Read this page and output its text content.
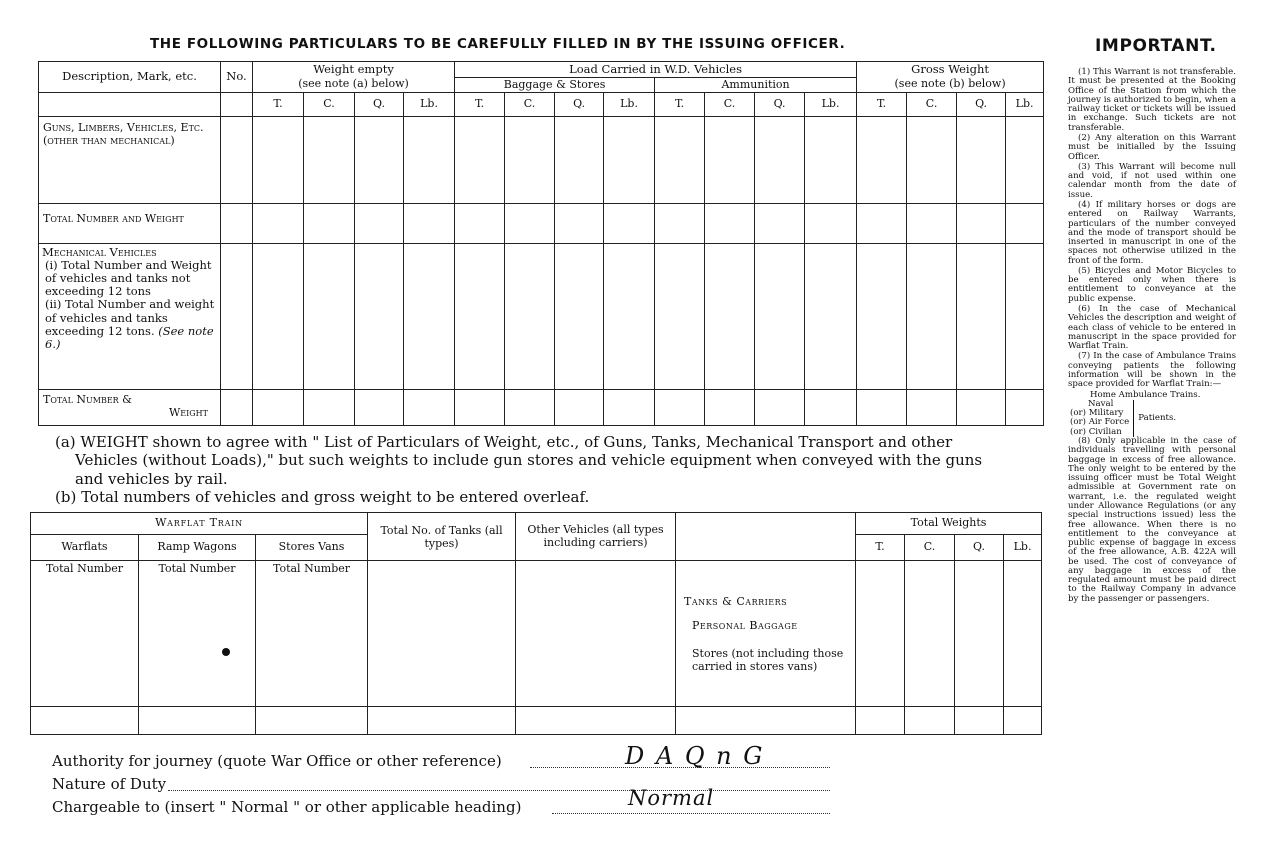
THE FOLLOWING PARTICULARS TO BE CAREFULLY FILLED IN BY THE ISSUING OFFICER.	IMPORTANT.
Description, Mark, etc.	No.	Weight empty				Load Carried in W.D. Vehicles								Gross Weight			
		(see note (a) below)				Baggage & Stores				Ammunition				(see note (b) below)			
		T.	C.	Q.	Lb.	T.	C.	Q.	Lb.	T.	C.	Q.	Lb.	T.	C.	Q.	Lb.
Guns, Limbers, Vehicles, Etc. (other than mechanical)																	
Total Number and Weight																	

Mechanical Vehicles
(i) Total Number and Weight of vehicles and tanks not exceeding 12 tons
(ii) Total Number and weight of vehicles and tanks exceeding 12 tons. (See note 6.)																	

Total Number &
Weight																	

(a) WEIGHT shown to agree with " List of Particulars of Weight, etc., of Guns, Tanks, Mechanical Transport and other
Vehicles (without Loads)," but such weights to include gun stores and vehicle equipment when conveyed with the guns
and vehicles by rail.
(b) Total numbers of vehicles and gross weight to be entered overleaf.
Warflat Train			Total No. of Tanks (all types)	Other Vehicles (all types including carriers)		Total Weights			
Warflats	Ramp Wagons	Stores Vans				T.	C.	Q.	Lb.

Total Number	Total Number	Total Number			Tanks & Carriers
Personal Baggage
Stores (not including those carried in stores vans)				

Authority for journey (quote War Office or other reference)	D A Q n G
Nature of Duty
Chargeable to (insert " Normal " or other applicable heading)	Normal

(1) This Warrant is not transferable. It must be presented at the Booking Office of the Station from which the journey is authorized to begin, when a railway ticket or tickets will be issued in exchange. Such tickets are not transferable.

(2) Any alteration on this Warrant must be initialled by the Issuing Officer.

(3) This Warrant will become null and void, if not used within one calendar month from the date of issue.

(4) If military horses or dogs are entered on Railway Warrants, particulars of the number conveyed and the mode of transport should be inserted in manuscript in one of the spaces not otherwise utilized in the front of the form.

(5) Bicycles and Motor Bicycles to be entered only when there is entitlement to conveyance at the public expense.

(6) In the case of Mechanical Vehicles the description and weight of each class of vehicle to be entered in manuscript in the space provided for Warflat Train.

(7) In the case of Ambulance Trains conveying patients the following information will be shown in the space provided for Warflat Train:—

Home Ambulance Trains.
Naval
(or) Military
(or) Air Force
(or) Civilian
Patients.

(8) Only applicable in the case of individuals travelling with personal baggage in excess of free allowance. The only weight to be entered by the issuing officer must be Total Weight admissible at Government rate on warrant, i.e. the regulated weight under Allowance Regulations (or any special instructions issued) less the free allowance. When there is no entitlement to the conveyance at public expense of baggage in excess of the free allowance, A.B. 422A will be used. The cost of conveyance of any baggage in excess of the regulated amount must be paid direct to the Railway Company in advance by the passenger or passengers.
